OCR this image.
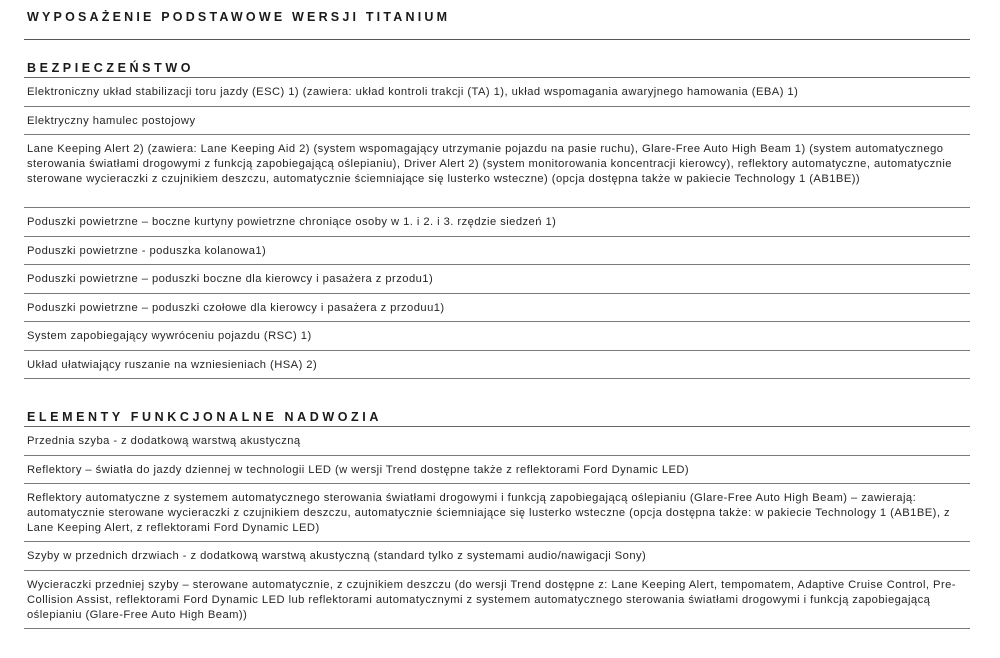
WYPOSAŻENIE PODSTAWOWE WERSJI TITANIUM
BEZPIECZEŃSTWO
Elektroniczny układ stabilizacji toru jazdy (ESC) 1) (zawiera: układ kontroli trakcji (TA) 1), układ wspomagania awaryjnego hamowania (EBA) 1)
Elektryczny hamulec postojowy
Lane Keeping Alert 2) (zawiera: Lane Keeping Aid 2) (system wspomagający utrzymanie pojazdu na pasie ruchu), Glare-Free Auto High Beam 1) (system automatycznego sterowania światłami drogowymi z funkcją zapobiegającą oślepianiu), Driver Alert 2) (system monitorowania koncentracji kierowcy), reflektory automatyczne, automatycznie sterowane wycieraczki z czujnikiem deszczu, automatycznie ściemniające się lusterko wsteczne) (opcja dostępna także w pakiecie Technology 1 (AB1BE))
Poduszki powietrzne – boczne kurtyny powietrzne chroniące osoby w 1. i 2. i 3. rzędzie siedzeń 1)
Poduszki powietrzne - poduszka kolanowa1)
Poduszki powietrzne – poduszki boczne dla kierowcy i pasażera z przodu1)
Poduszki powietrzne – poduszki czołowe dla kierowcy i pasażera z przoduu1)
System zapobiegający wywróceniu pojazdu (RSC) 1)
Układ ułatwiający ruszanie na wzniesieniach (HSA) 2)
ELEMENTY FUNKCJONALNE NADWOZIA
Przednia szyba - z dodatkową warstwą akustyczną
Reflektory – światła do jazdy dziennej w technologii LED (w wersji Trend dostępne także z reflektorami Ford Dynamic LED)
Reflektory automatyczne z systemem automatycznego sterowania światłami drogowymi i funkcją zapobiegającą oślepianiu (Glare-Free Auto High Beam) – zawierają: automatycznie sterowane wycieraczki z czujnikiem deszczu, automatycznie ściemniające się lusterko wsteczne (opcja dostępna także: w pakiecie Technology 1 (AB1BE), z Lane Keeping Alert, z reflektorami Ford Dynamic LED)
Szyby w przednich drzwiach - z dodatkową warstwą akustyczną (standard tylko z systemami audio/nawigacji Sony)
Wycieraczki przedniej szyby – sterowane automatycznie, z czujnikiem deszczu (do wersji Trend dostępne z: Lane Keeping Alert, tempomatem, Adaptive Cruise Control, Pre-Collision Assist, reflektorami Ford Dynamic LED lub reflektorami automatycznymi z systemem automatycznego sterowania światłami drogowymi i funkcją zapobiegającą oślepianiu (Glare-Free Auto High Beam))
